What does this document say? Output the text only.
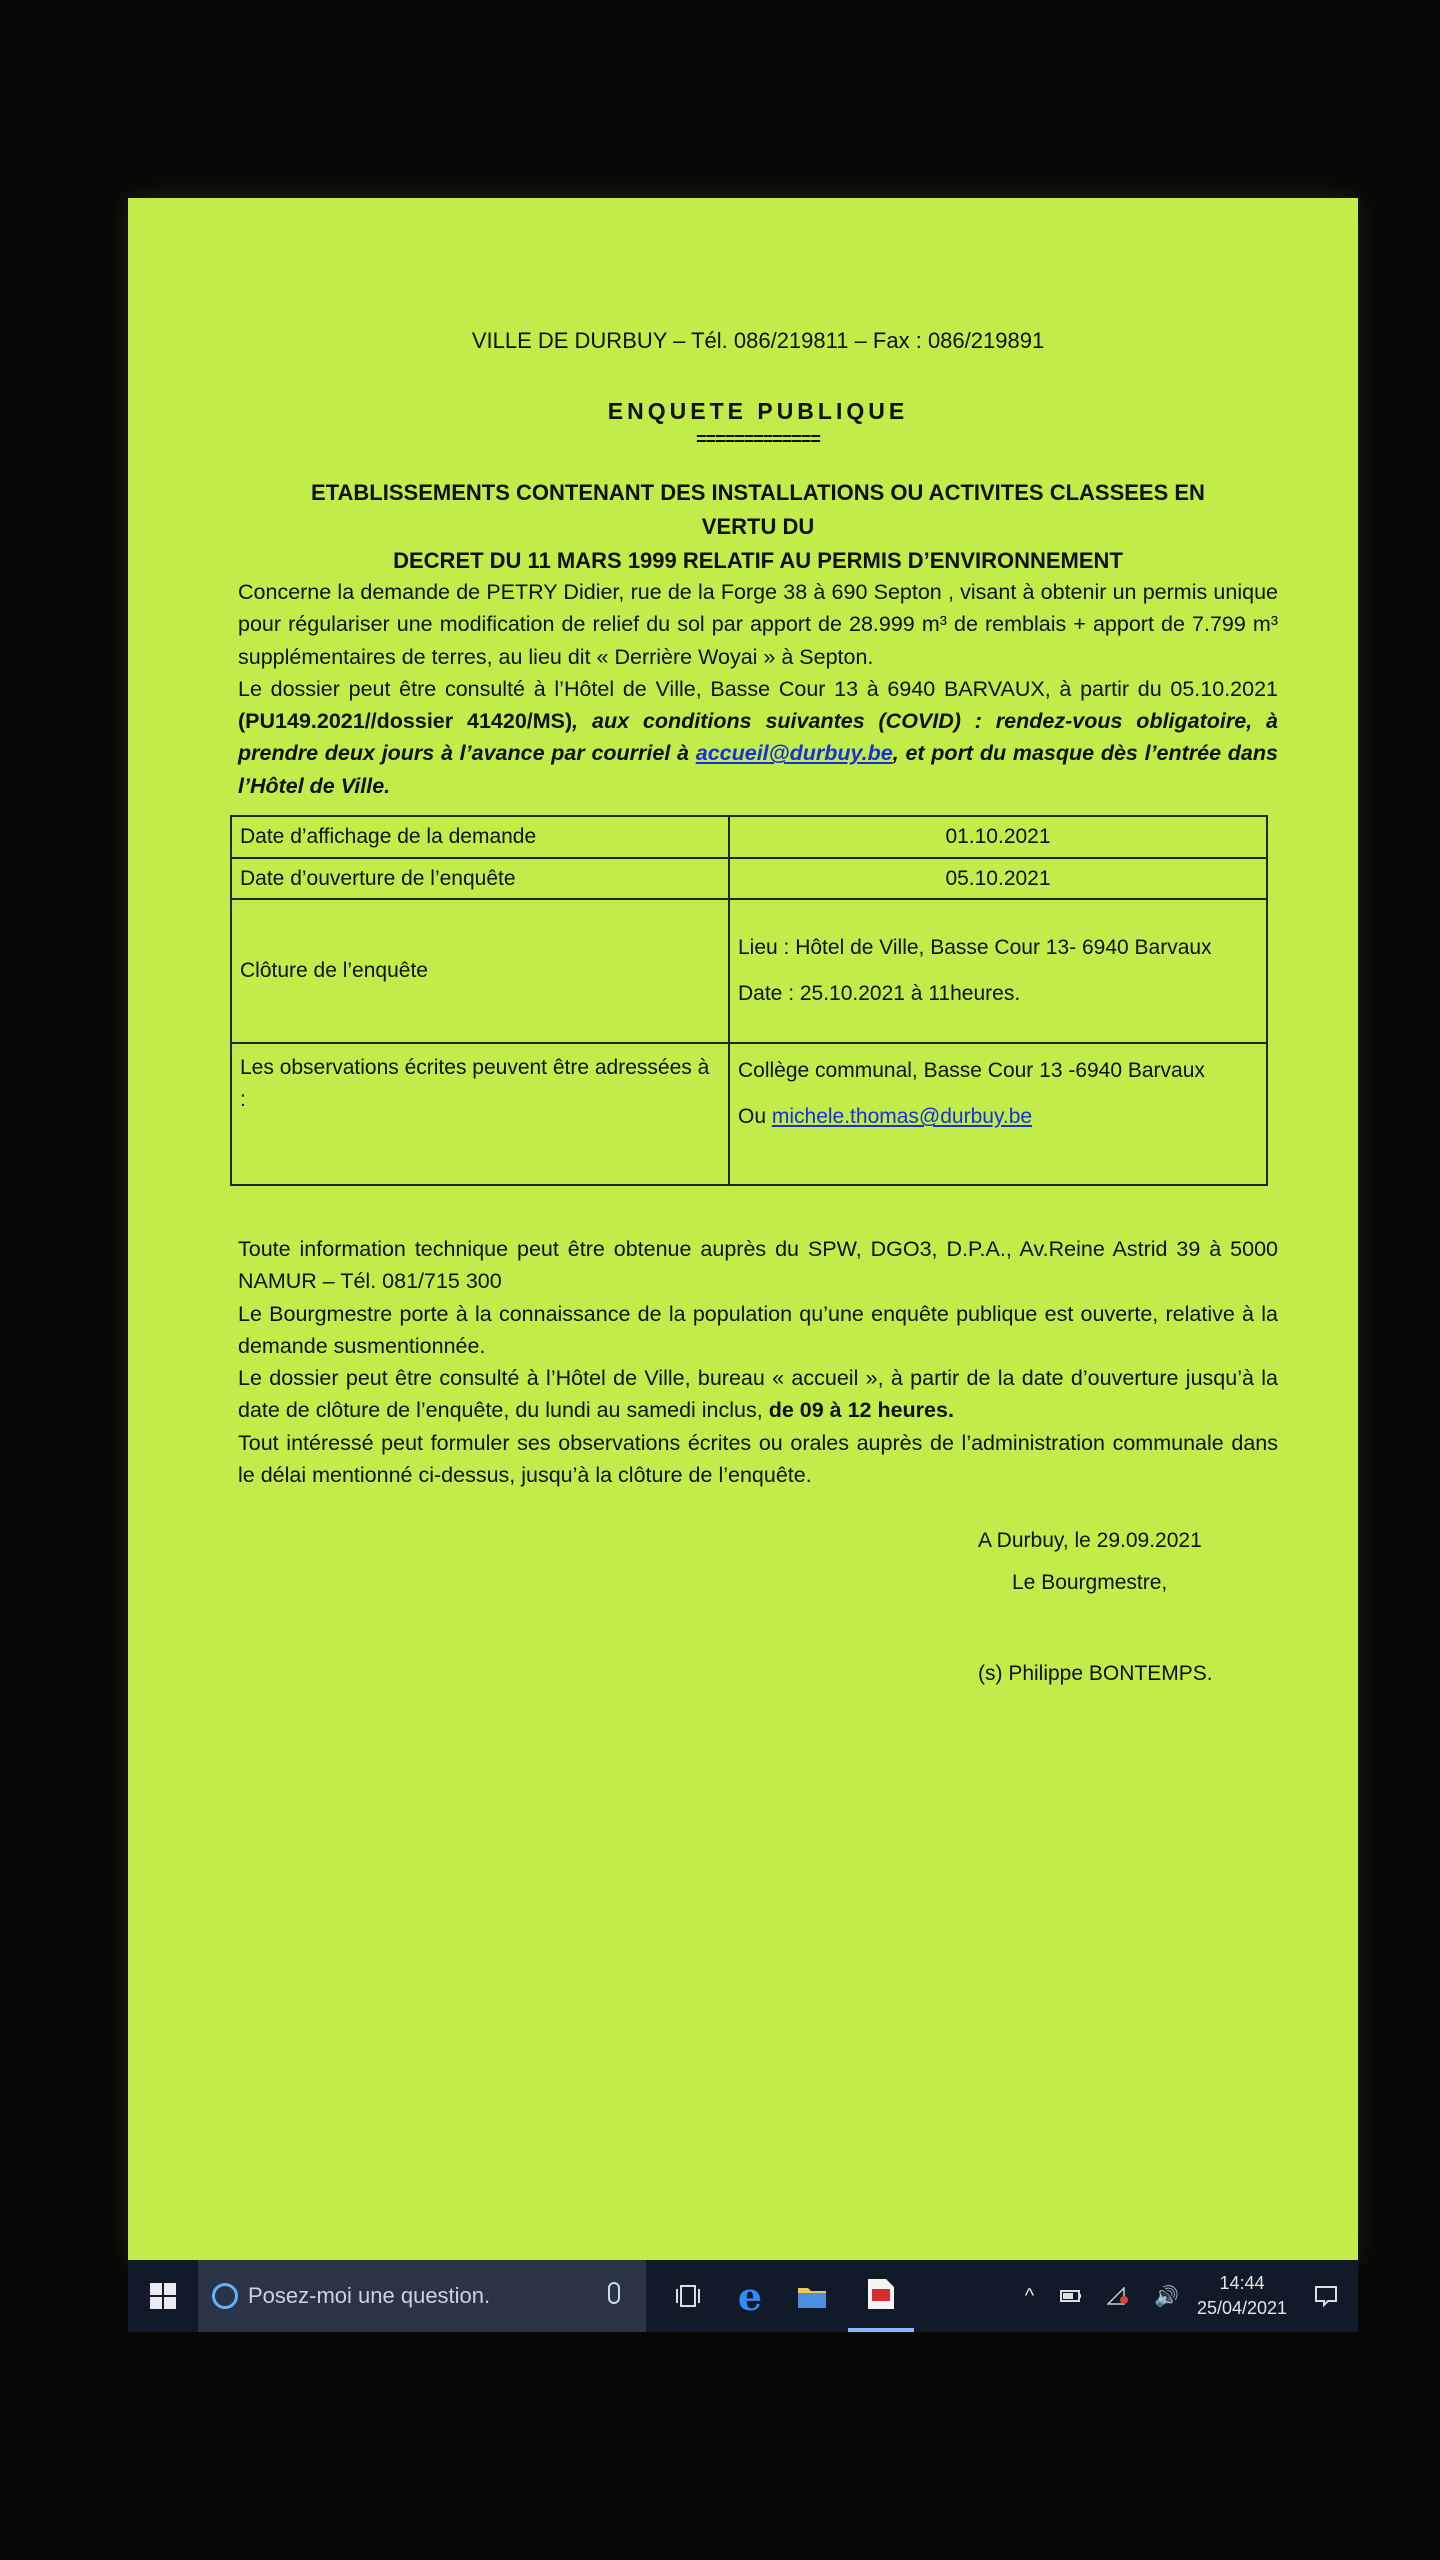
VILLE DE DURBUY – Tél. 086/219811 – Fax : 086/219891
ENQUETE PUBLIQUE
=============
ETABLISSEMENTS CONTENANT DES INSTALLATIONS OU ACTIVITES CLASSEES EN VERTU DU
DECRET DU 11 MARS 1999 RELATIF AU PERMIS D’ENVIRONNEMENT

Concerne la demande de PETRY Didier, rue de la Forge 38 à 690 Septon , visant à obtenir un permis unique pour régulariser une modification de relief du sol par apport de 28.999 m³ de remblais + apport de 7.799 m³ supplémentaires de terres, au lieu dit « Derrière Woyai » à Septon.

Le dossier peut être consulté à l’Hôtel de Ville, Basse Cour 13 à 6940 BARVAUX, à partir du 05.10.2021 (PU149.2021//dossier 41420/MS), aux conditions suivantes (COVID) : rendez-vous obligatoire, à prendre deux jours à l’avance par courriel à accueil@durbuy.be, et port du masque dès l’entrée dans l’Hôtel de Ville.

Date d’affichage de la demande	01.10.2021
Date d’ouverture de l’enquête	05.10.2021
Clôture de l’enquête	Lieu : Hôtel de Ville, Basse Cour 13- 6940 Barvaux
Date : 25.10.2021 à 11heures.

Les observations écrites peuvent être adressées à :	Collège communal, Basse Cour 13 -6940 Barvaux
Ou michele.thomas@durbuy.be

Toute information technique peut être obtenue auprès du SPW, DGO3, D.P.A., Av.Reine Astrid 39 à 5000 NAMUR – Tél. 081/715 300

Le Bourgmestre porte à la connaissance de la population qu’une enquête publique est ouverte, relative à la demande susmentionnée.

Le dossier peut être consulté à l’Hôtel de Ville, bureau « accueil », à partir de la date d’ouverture jusqu’à la date de clôture de l’enquête, du lundi au samedi inclus, de 09 à 12 heures.

Tout intéressé peut formuler ses observations écrites ou orales auprès de l’administration communale dans le délai mentionné ci-dessus, jusqu’à la clôture de l’enquête.

A Durbuy, le 29.09.2021
Le Bourgmestre,
(s) Philippe BONTEMPS.
Posez-moi une question.	e	^	🔊
14:44
25/04/2021
